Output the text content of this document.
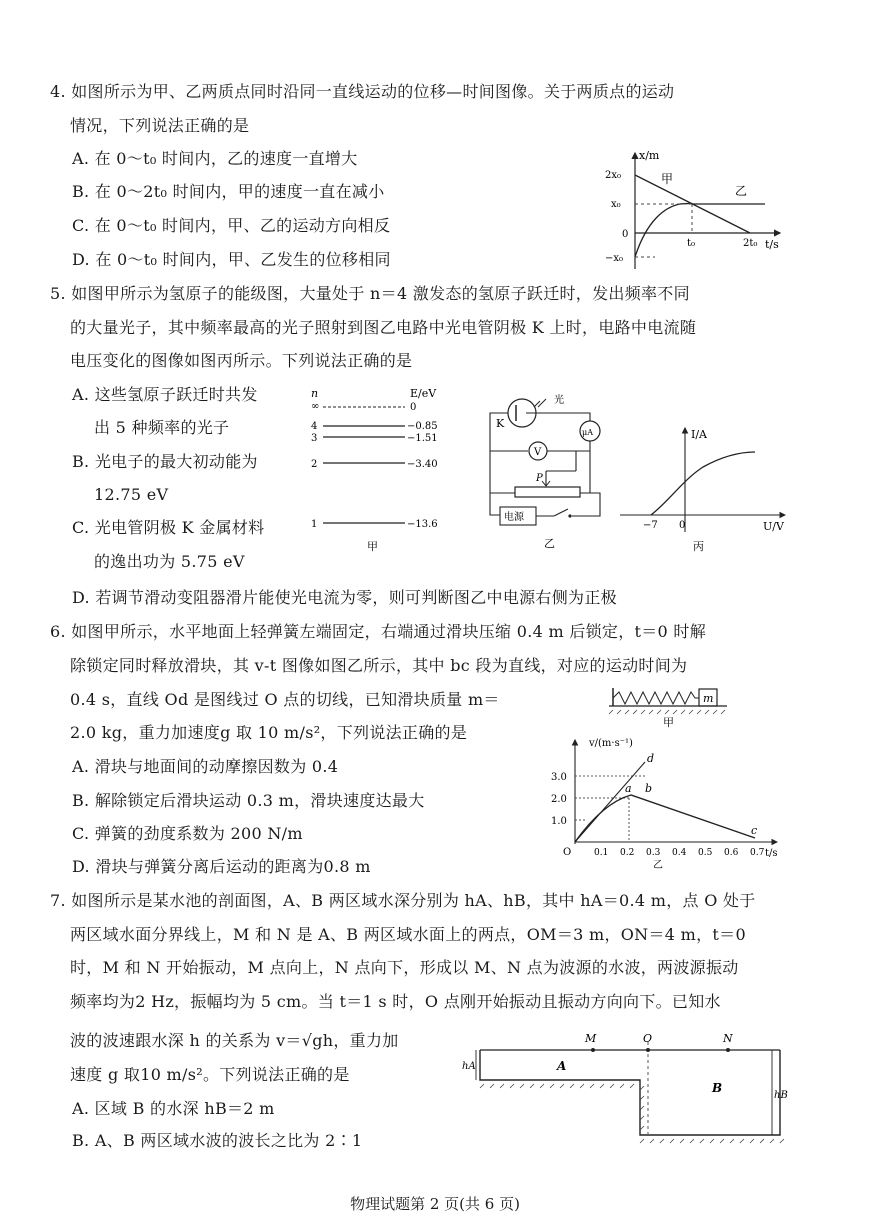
4. 如图所示为甲、乙两质点同时沿同一直线运动的位移—时间图像。关于两质点的运动
情况，下列说法正确的是
A. 在 0～t₀ 时间内，乙的速度一直增大
B. 在 0～2t₀ 时间内，甲的速度一直在减小
C. 在 0～t₀ 时间内，甲、乙的运动方向相反
D. 在 0～t₀ 时间内，甲、乙发生的位移相同
x/m
t/s
2x₀
x₀
0
−x₀
t₀	2t₀
甲
乙
5. 如图甲所示为氢原子的能级图，大量处于 n＝4 激发态的氢原子跃迁时，发出频率不同
的大量光子，其中频率最高的光子照射到图乙电路中光电管阴极 K 上时，电路中电流随
电压变化的图像如图丙所示。下列说法正确的是
A. 这些氢原子跃迁时共发
出 5 种频率的光子
B. 光电子的最大初动能为
12.75 eV
C. 光电管阴极 K 金属材料
的逸出功为 5.75 eV
D. 若调节滑动变阻器滑片能使光电流为零，则可判断图乙中电源右侧为正极
n	E/eV
∞	0
4	−0.85
3	−1.51
2	−3.40
1	−13.6
甲
光
K
μA
V
P
电源
乙
I/A
U/V
−7 0
丙
6. 如图甲所示，水平地面上轻弹簧左端固定，右端通过滑块压缩 0.4 m 后锁定，t＝0 时解
除锁定同时释放滑块，其 v-t 图像如图乙所示，其中 bc 段为直线，对应的运动时间为
0.4 s，直线 Od 是图线过 O 点的切线，已知滑块质量 m＝
2.0 kg，重力加速度g 取 10 m/s²，下列说法正确的是
A. 滑块与地面间的动摩擦因数为 0.4
B. 解除锁定后滑块运动 0.3 m，滑块速度达最大
C. 弹簧的劲度系数为 200 N/m
D. 滑块与弹簧分离后运动的距离为0.8 m
m
甲
v/(m·s⁻¹)
t/s
3.0
2.0
1.0
O	0.1 0.2 0.3 0.4 0.5 0.6 0.7
d
a b
c
乙
7. 如图所示是某水池的剖面图，A、B 两区域水深分别为 hA、hB，其中 hA＝0.4 m，点 O 处于
两区域水面分界线上，M 和 N 是 A、B 两区域水面上的两点，OM＝3 m，ON＝4 m，t＝0
时，M 和 N 开始振动，M 点向上，N 点向下，形成以 M、N 点为波源的水波，两波源振动
频率均为2 Hz，振幅均为 5 cm。当 t＝1 s 时，O 点刚开始振动且振动方向向下。已知水
波的波速跟水深 h 的关系为 v＝√gh，重力加
速度 g 取10 m/s²。下列说法正确的是
A. 区域 B 的水深 hB＝2 m
B. A、B 两区域水波的波长之比为 2∶1
M	O	N
A
B
hA
hB
物理试题第 2 页(共 6 页)
